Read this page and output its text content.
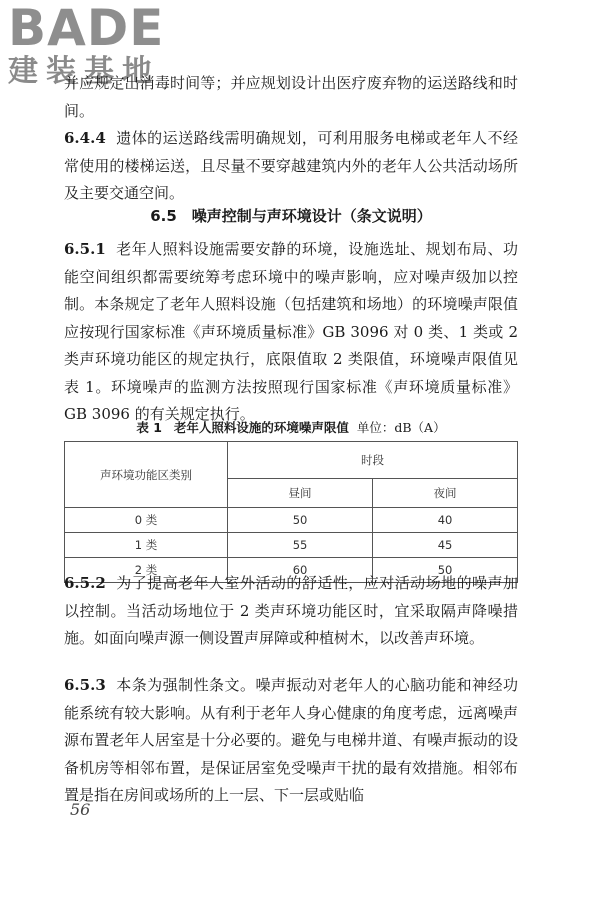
BADE
建装基地

并应规定出消毒时间等；并应规划设计出医疗废弃物的运送路线和时间。

6.4.4 遗体的运送路线需明确规划，可利用服务电梯或老年人不经常使用的楼梯运送，且尽量不要穿越建筑内外的老年人公共活动场所及主要交通空间。

6.5　噪声控制与声环境设计（条文说明）

6.5.1 老年人照料设施需要安静的环境，设施选址、规划布局、功能空间组织都需要统筹考虑环境中的噪声影响，应对噪声级加以控制。本条规定了老年人照料设施（包括建筑和场地）的环境噪声限值应按现行国家标准《声环境质量标准》GB 3096 对 0 类、1 类或 2 类声环境功能区的规定执行，底限值取 2 类限值，环境噪声限值见表 1。环境噪声的监测方法按照现行国家标准《声环境质量标准》GB 3096 的有关规定执行。

表 1 老年人照料设施的环境噪声限值 单位：dB（A）
声环境功能区类别	时段	
	昼间	夜间
0 类	50	40
1 类	55	45
2 类	60	50

6.5.2 为了提高老年人室外活动的舒适性，应对活动场地的噪声加以控制。当活动场地位于 2 类声环境功能区时，宜采取隔声降噪措施。如面向噪声源一侧设置声屏障或种植树木，以改善声环境。

6.5.3 本条为强制性条文。噪声振动对老年人的心脑功能和神经功能系统有较大影响。从有利于老年人身心健康的角度考虑，远离噪声源布置老年人居室是十分必要的。避免与电梯井道、有噪声振动的设备机房等相邻布置，是保证居室免受噪声干扰的最有效措施。相邻布置是指在房间或场所的上一层、下一层或贴临

56
